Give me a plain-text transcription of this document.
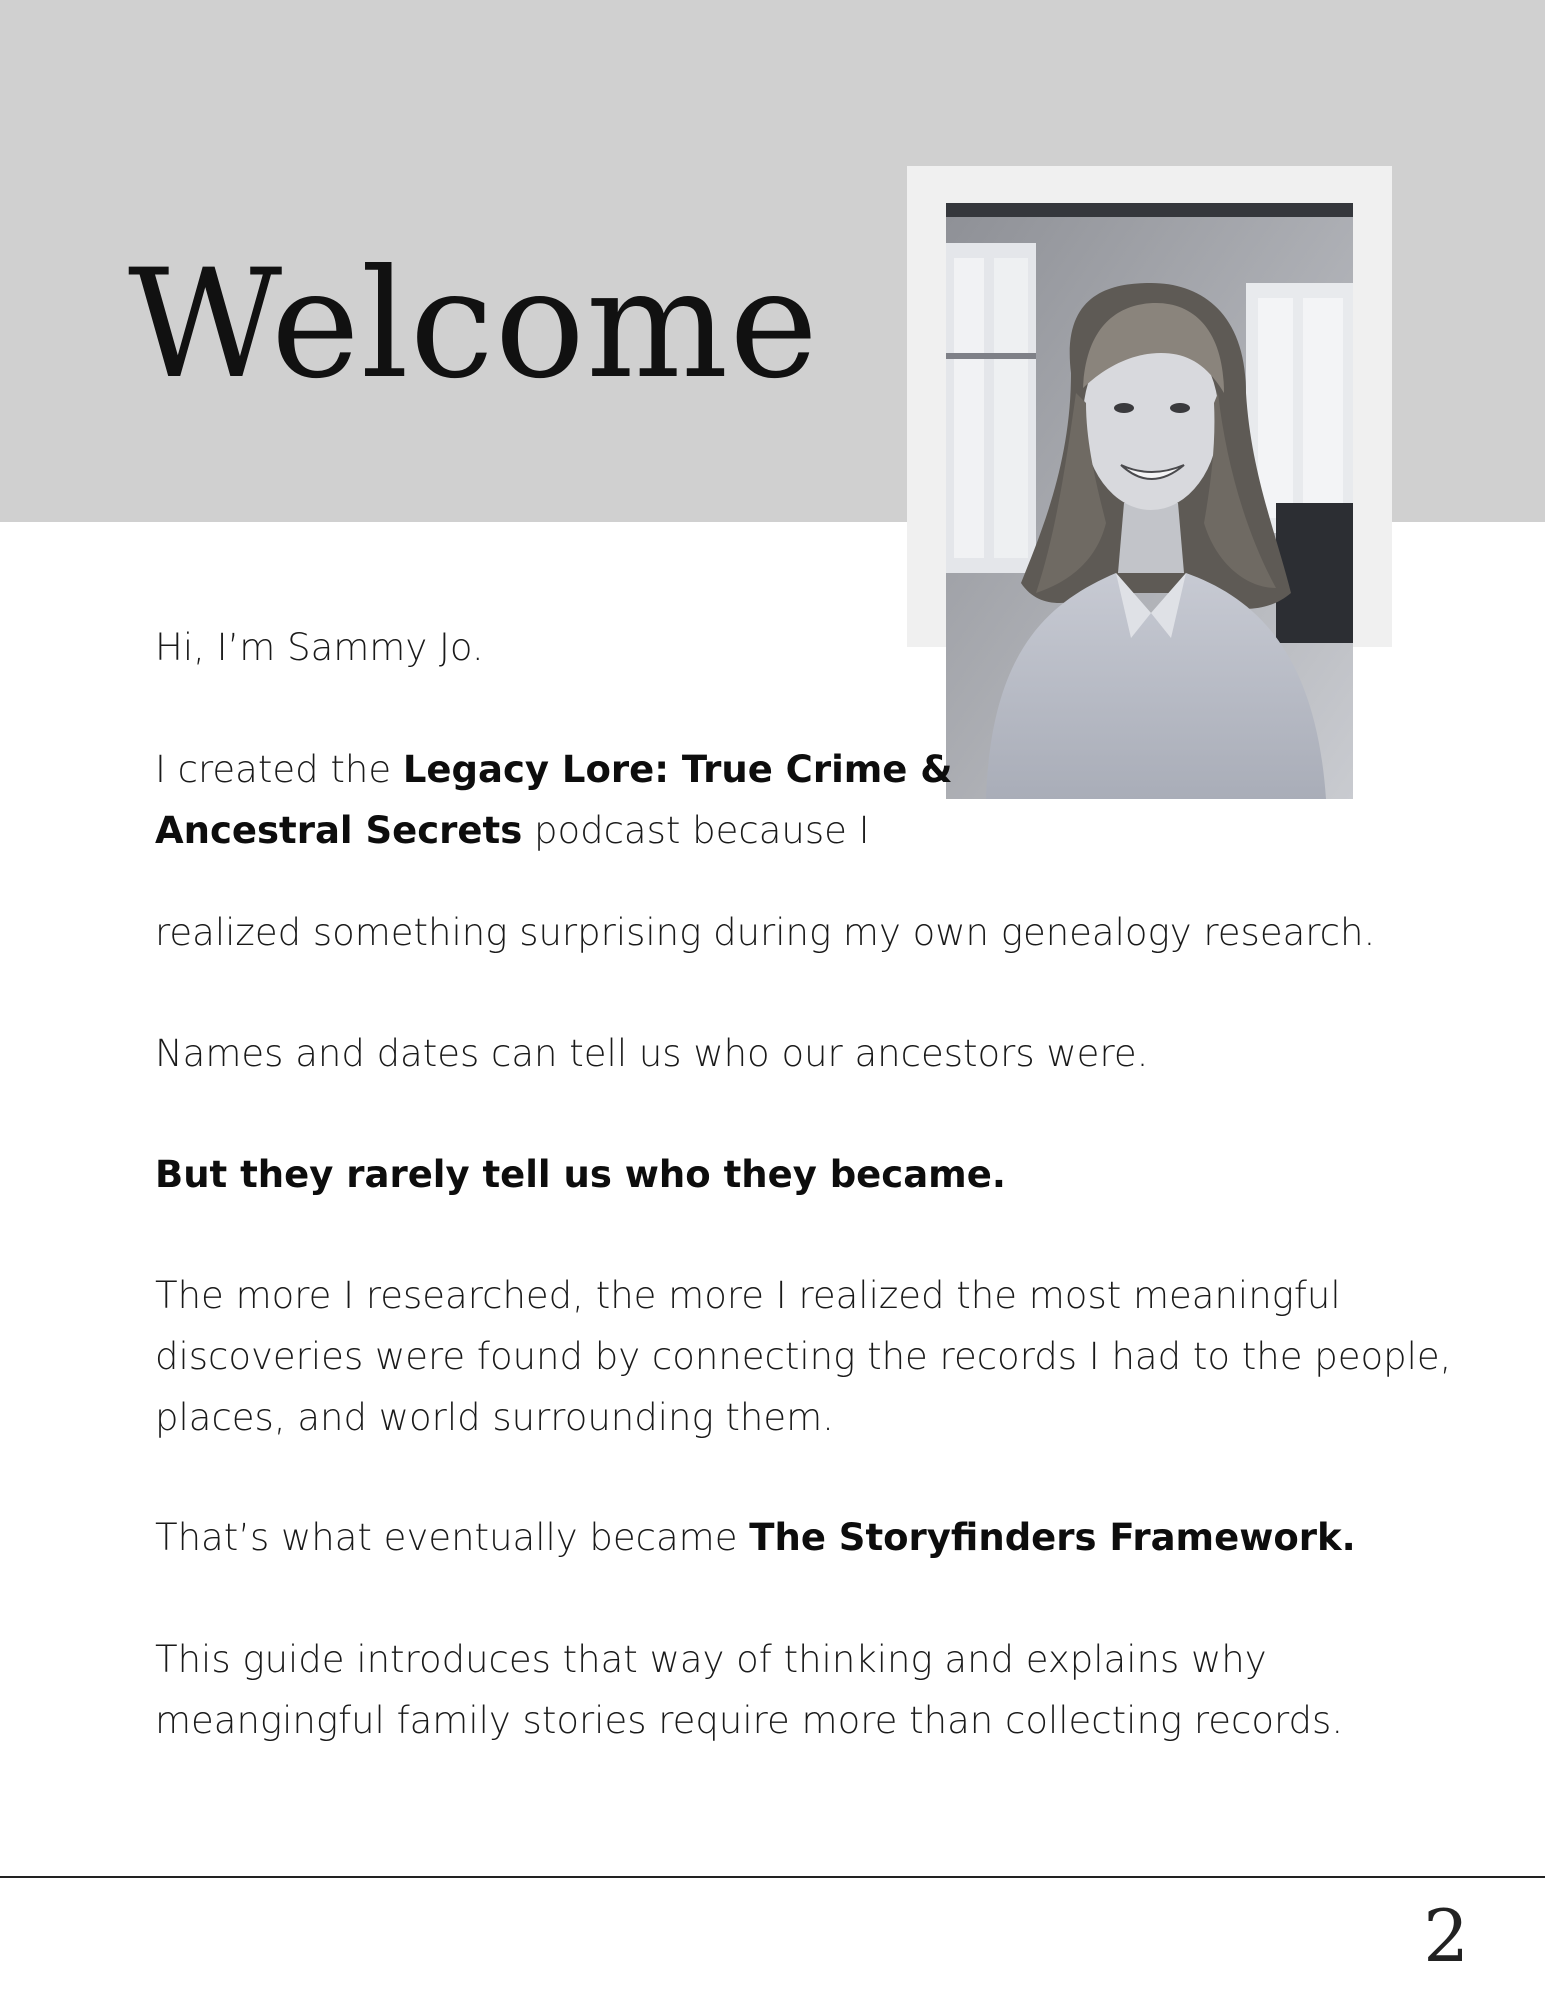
Welcome

Hi, I’m Sammy Jo.

I created the Legacy Lore: True Crime &

Ancestral Secrets podcast because I

realized something surprising during my own genealogy research.

Names and dates can tell us who our ancestors were.

But they rarely tell us who they became.

The more I researched, the more I realized the most meaningful

discoveries were found by connecting the records I had to the people,

places, and world surrounding them.

That’s what eventually became The Storyfinders Framework.

This guide introduces that way of thinking and explains why

meangingful family stories require more than collecting records.

2
